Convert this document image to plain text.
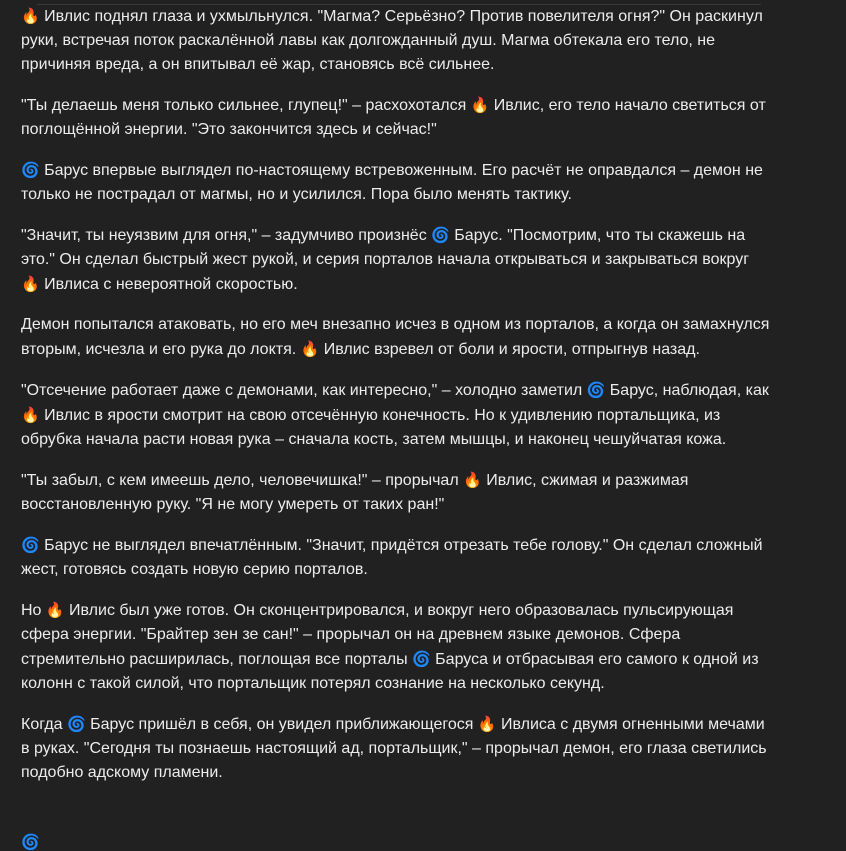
🔥 Ивлис поднял глаза и ухмыльнулся. "Магма? Серьёзно? Против повелителя огня?" Он раскинул руки, встречая поток раскалённой лавы как долгожданный душ. Магма обтекала его тело, не причиняя вреда, а он впитывал её жар, становясь всё сильнее.

"Ты делаешь меня только сильнее, глупец!" – расхохотался 🔥 Ивлис, его тело начало светиться от поглощённой энергии. "Это закончится здесь и сейчас!"

🌀 Барус впервые выглядел по-настоящему встревоженным. Его расчёт не оправдался – демон не только не пострадал от магмы, но и усилился. Пора было менять тактику.

"Значит, ты неуязвим для огня," – задумчиво произнёс 🌀 Барус. "Посмотрим, что ты скажешь на это." Он сделал быстрый жест рукой, и серия порталов начала открываться и закрываться вокруг 🔥 Ивлиса с невероятной скоростью.

Демон попытался атаковать, но его меч внезапно исчез в одном из порталов, а когда он замахнулся вторым, исчезла и его рука до локтя. 🔥 Ивлис взревел от боли и ярости, отпрыгнув назад.

"Отсечение работает даже с демонами, как интересно," – холодно заметил 🌀 Барус, наблюдая, как 🔥 Ивлис в ярости смотрит на свою отсечённую конечность. Но к удивлению портальщика, из обрубка начала расти новая рука – сначала кость, затем мышцы, и наконец чешуйчатая кожа.

"Ты забыл, с кем имеешь дело, человечишка!" – прорычал 🔥 Ивлис, сжимая и разжимая восстановленную руку. "Я не могу умереть от таких ран!"

🌀 Барус не выглядел впечатлённым. "Значит, придётся отрезать тебе голову." Он сделал сложный жест, готовясь создать новую серию порталов.

Но 🔥 Ивлис был уже готов. Он сконцентрировался, и вокруг него образовалась пульсирующая сфера энергии. "Брайтер зен зе сан!" – прорычал он на древнем языке демонов. Сфера стремительно расширилась, поглощая все порталы 🌀 Баруса и отбрасывая его самого к одной из колонн с такой силой, что портальщик потерял сознание на несколько секунд.

Когда 🌀 Барус пришёл в себя, он увидел приближающегося 🔥 Ивлиса с двумя огненными мечами в руках. "Сегодня ты познаешь настоящий ад, портальщик," – прорычал демон, его глаза светились подобно адскому пламени.

🌀
